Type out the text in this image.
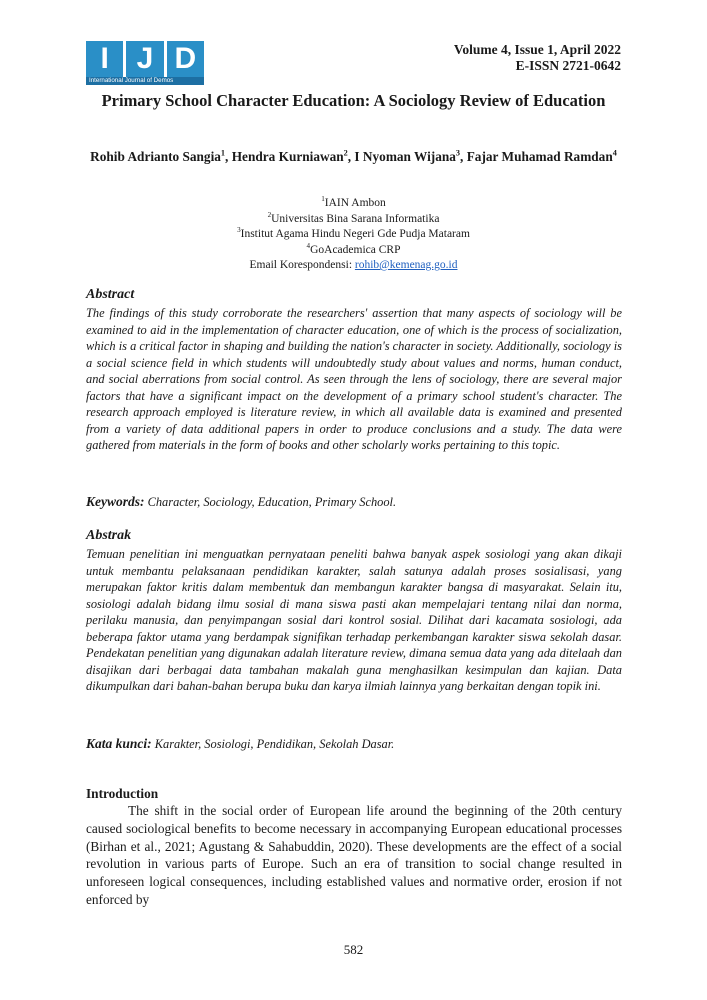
I J D
International Journal of Demos
Volume 4, Issue 1, April 2022
E-ISSN 2721-0642
Primary School Character Education: A Sociology Review of Education
Rohib Adrianto Sangia$^1$, Hendra Kurniawan$^2$, I Nyoman Wijana$^3$, Fajar Muhamad Ramdan$^4$
$^1$IAIN Ambon
$^2$Universitas Bina Sarana Informatika
$^3$Institut Agama Hindu Negeri Gde Pudja Mataram
$^4$GoAcademica CRP
Email Korespondensi: rohib@kemenag.go.id
Abstract

The findings of this study corroborate the researchers' assertion that many aspects of sociology will be examined to aid in the implementation of character education, one of which is the process of socialization, which is a critical factor in shaping and building the nation's character in society. Additionally, sociology is a social science field in which students will undoubtedly study about values and norms, human conduct, and social aberrations from social control. As seen through the lens of sociology, there are several major factors that have a significant impact on the development of a primary school student's character. The research approach employed is literature review, in which all available data is examined and presented from a variety of data additional papers in order to produce conclusions and a study. The data were gathered from materials in the form of books and other scholarly works pertaining to this topic.

Keywords: Character, Sociology, Education, Primary School.

Abstrak

Temuan penelitian ini menguatkan pernyataan peneliti bahwa banyak aspek sosiologi yang akan dikaji untuk membantu pelaksanaan pendidikan karakter, salah satunya adalah proses sosialisasi, yang merupakan faktor kritis dalam membentuk dan membangun karakter bangsa di masyarakat. Selain itu, sosiologi adalah bidang ilmu sosial di mana siswa pasti akan mempelajari tentang nilai dan norma, perilaku manusia, dan penyimpangan sosial dari kontrol sosial. Dilihat dari kacamata sosiologi, ada beberapa faktor utama yang berdampak signifikan terhadap perkembangan karakter siswa sekolah dasar. Pendekatan penelitian yang digunakan adalah literature review, dimana semua data yang ada ditelaah dan disajikan dari berbagai data tambahan makalah guna menghasilkan kesimpulan dan kajian. Data dikumpulkan dari bahan-bahan berupa buku dan karya ilmiah lainnya yang berkaitan dengan topik ini.

Kata kunci: Karakter, Sosiologi, Pendidikan, Sekolah Dasar.

Introduction

The shift in the social order of European life around the beginning of the 20th century caused sociological benefits to become necessary in accompanying European educational processes (Birhan et al., 2021; Agustang & Sahabuddin, 2020). These developments are the effect of a social revolution in various parts of Europe. Such an era of transition to social change resulted in unforeseen logical consequences, including established values and normative order, erosion if not enforced by

582
